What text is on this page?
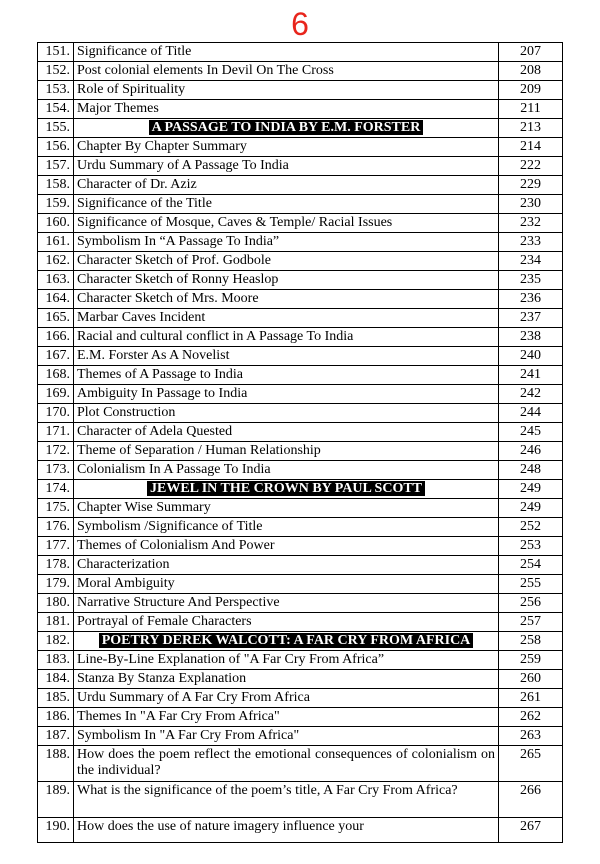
6
151.	Significance of Title	207
152.	Post colonial elements In Devil On The Cross	208
153.	Role of Spirituality	209
154.	Major Themes	211
155.	A PASSAGE TO INDIA BY E.M. FORSTER	213
156.	Chapter By Chapter Summary	214
157.	Urdu Summary of A Passage To India	222
158.	Character of Dr. Aziz	229
159.	Significance of the Title	230
160.	Significance of Mosque, Caves & Temple/ Racial Issues	232
161.	Symbolism In “A Passage To India”	233
162.	Character Sketch of Prof. Godbole	234
163.	Character Sketch of Ronny Heaslop	235
164.	Character Sketch of Mrs. Moore	236
165.	Marbar Caves Incident	237
166.	Racial and cultural conflict in A Passage To India	238
167.	E.M. Forster As A Novelist	240
168.	Themes of A Passage to India	241
169.	Ambiguity In Passage to India	242
170.	Plot Construction	244
171.	Character of Adela Quested	245
172.	Theme of Separation / Human Relationship	246
173.	Colonialism In A Passage To India	248
174.	JEWEL IN THE CROWN BY PAUL SCOTT	249
175.	Chapter Wise Summary	249
176.	Symbolism /Significance of Title	252
177.	Themes of Colonialism And Power	253
178.	Characterization	254
179.	Moral Ambiguity	255
180.	Narrative Structure And Perspective	256
181.	Portrayal of Female Characters	257
182.	POETRY DEREK WALCOTT: A FAR CRY FROM AFRICA	258
183.	Line-By-Line Explanation of "A Far Cry From Africa”	259
184.	Stanza By Stanza Explanation	260
185.	Urdu Summary of A Far Cry From Africa	261
186.	Themes In "A Far Cry From Africa"	262
187.	Symbolism In "A Far Cry From Africa"	263
188.	How does the poem reflect the emotional consequences of colonialism on the individual?	265
189.	What is the significance of the poem’s title, A Far Cry From Africa?	266
190.	How does the use of nature imagery influence your	267
